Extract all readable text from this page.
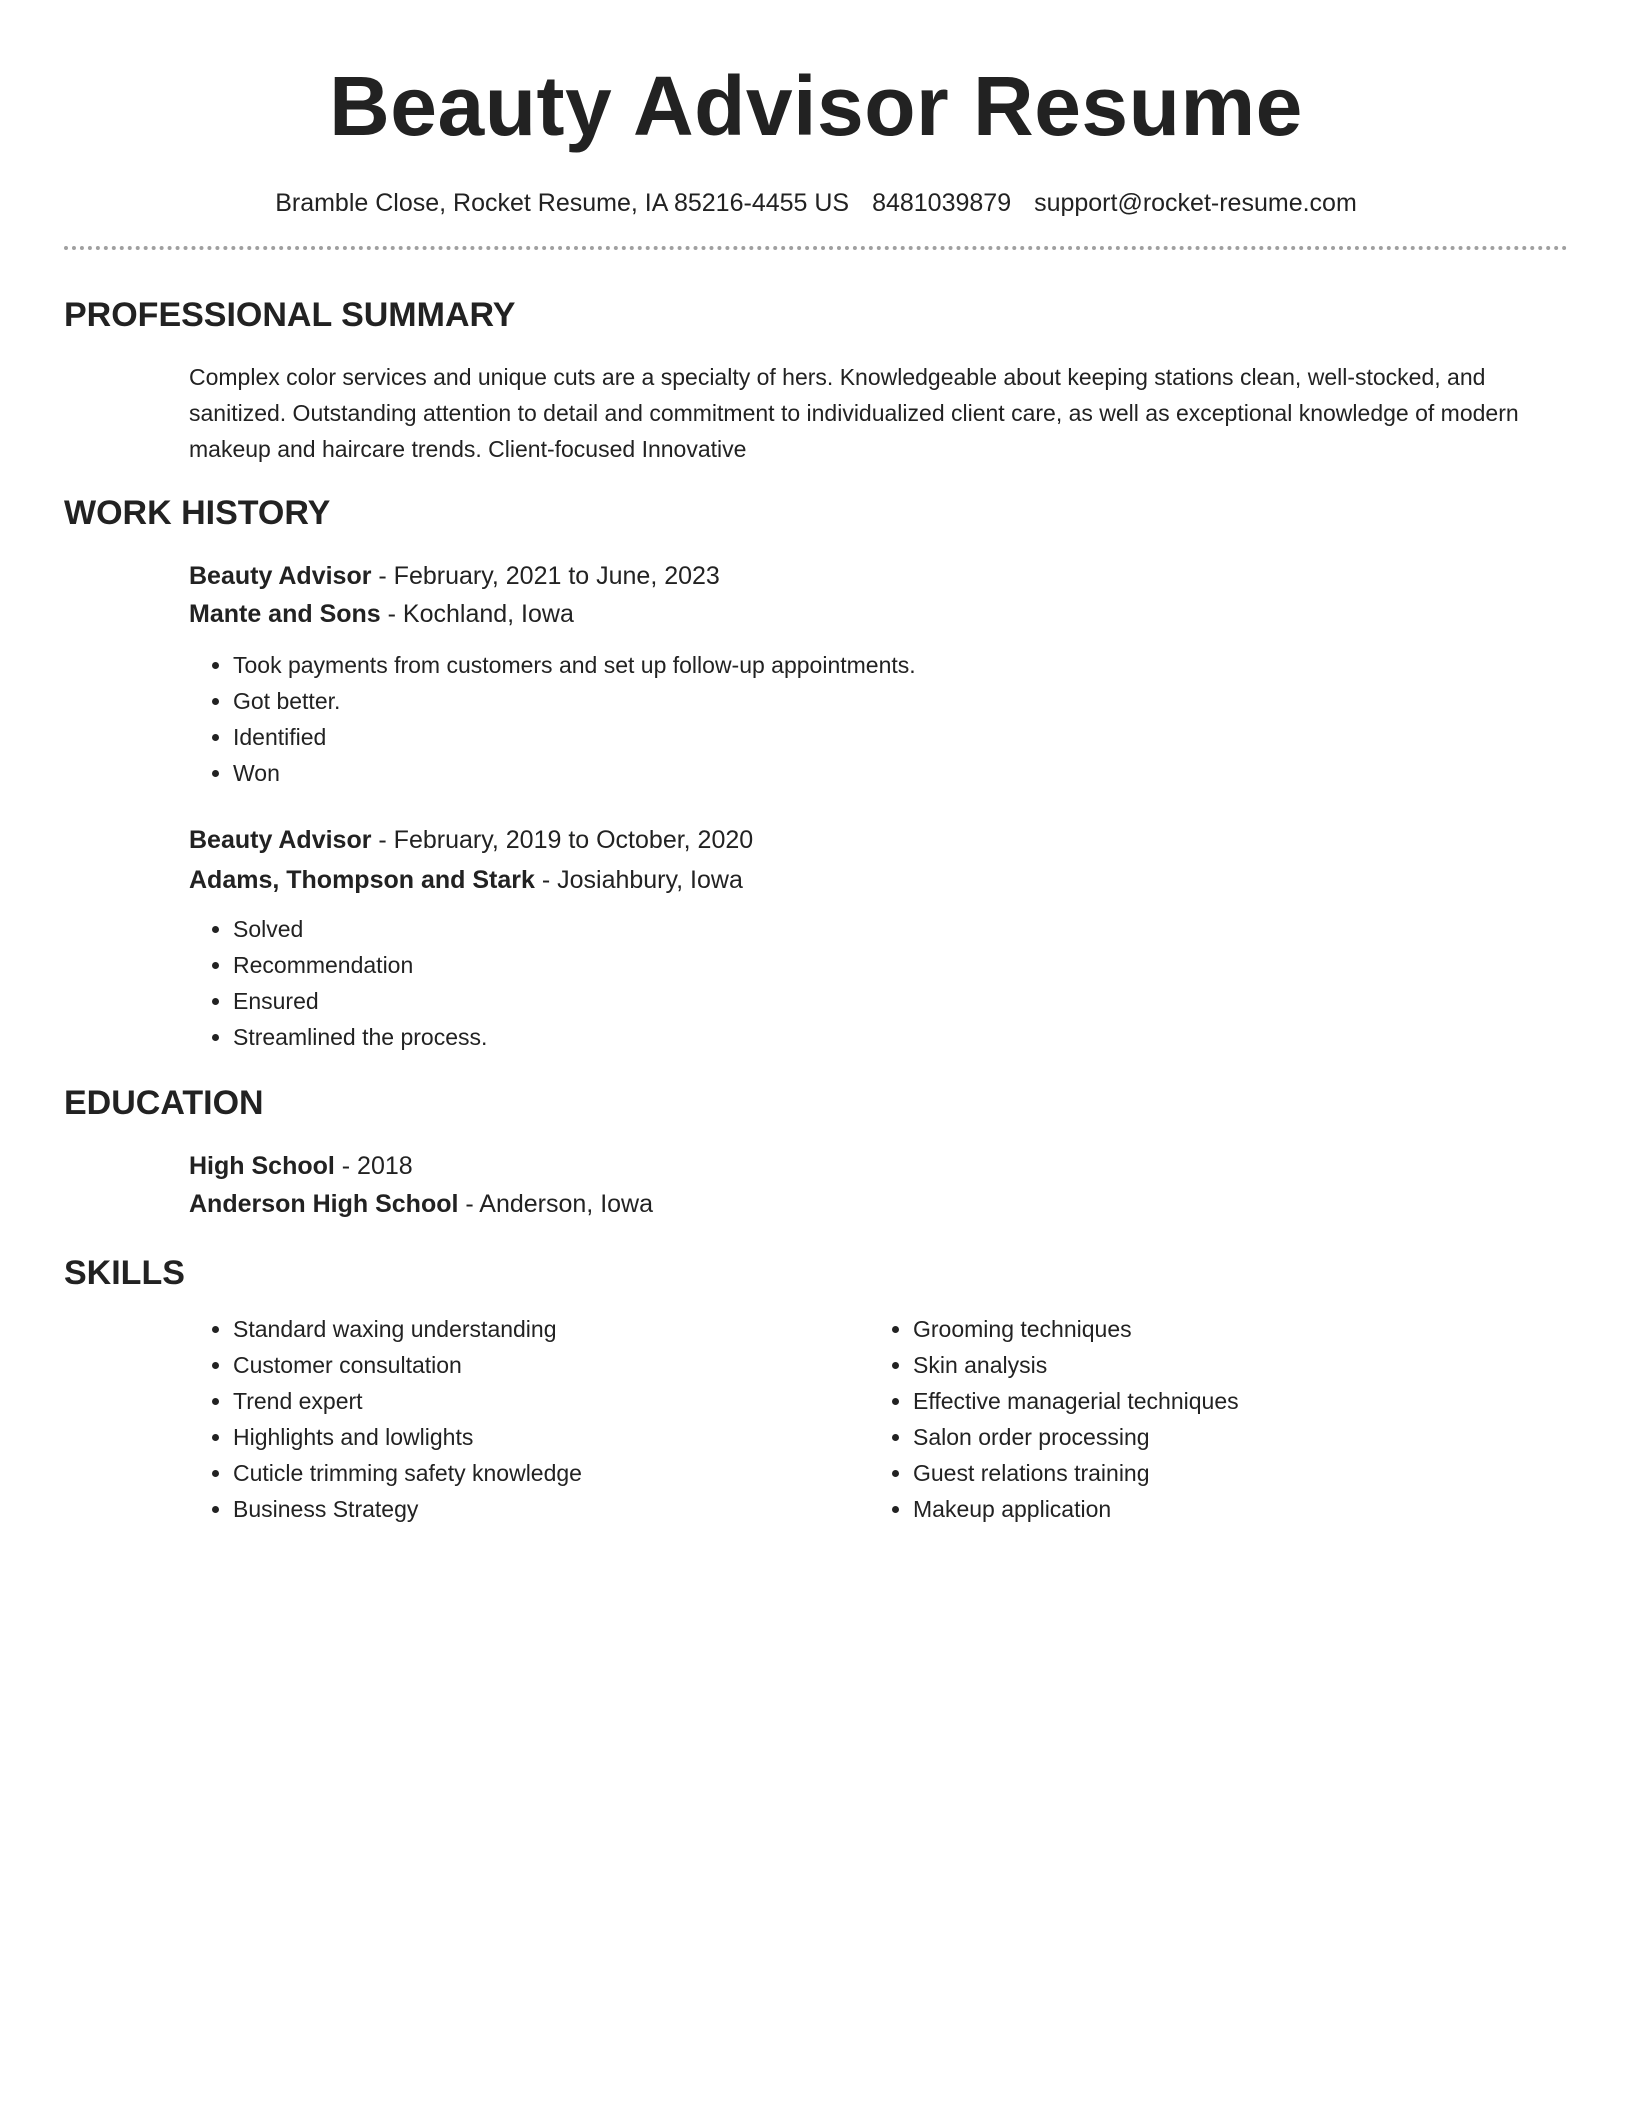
Beauty Advisor Resume
Bramble Close, Rocket Resume, IA 85216-4455 US 8481039879 support@rocket-resume.com
PROFESSIONAL SUMMARY

Complex color services and unique cuts are a specialty of hers. Knowledgeable about keeping stations clean, well-stocked, and sanitized. Outstanding attention to detail and commitment to individualized client care, as well as exceptional knowledge of modern makeup and haircare trends. Client-focused Innovative

WORK HISTORY

Beauty Advisor - February, 2021 to June, 2023

Mante and Sons - Kochland, Iowa

• Took payments from customers and set up follow-up appointments.
• Got better.
• Identified
• Won

Beauty Advisor - February, 2019 to October, 2020

Adams, Thompson and Stark - Josiahbury, Iowa

• Solved
• Recommendation
• Ensured
• Streamlined the process.
EDUCATION

High School - 2018

Anderson High School - Anderson, Iowa

SKILLS
• Standard waxing understanding
• Customer consultation
• Trend expert
• Highlights and lowlights
• Cuticle trimming safety knowledge
• Business Strategy
• Grooming techniques
• Skin analysis
• Effective managerial techniques
• Salon order processing
• Guest relations training
• Makeup application
